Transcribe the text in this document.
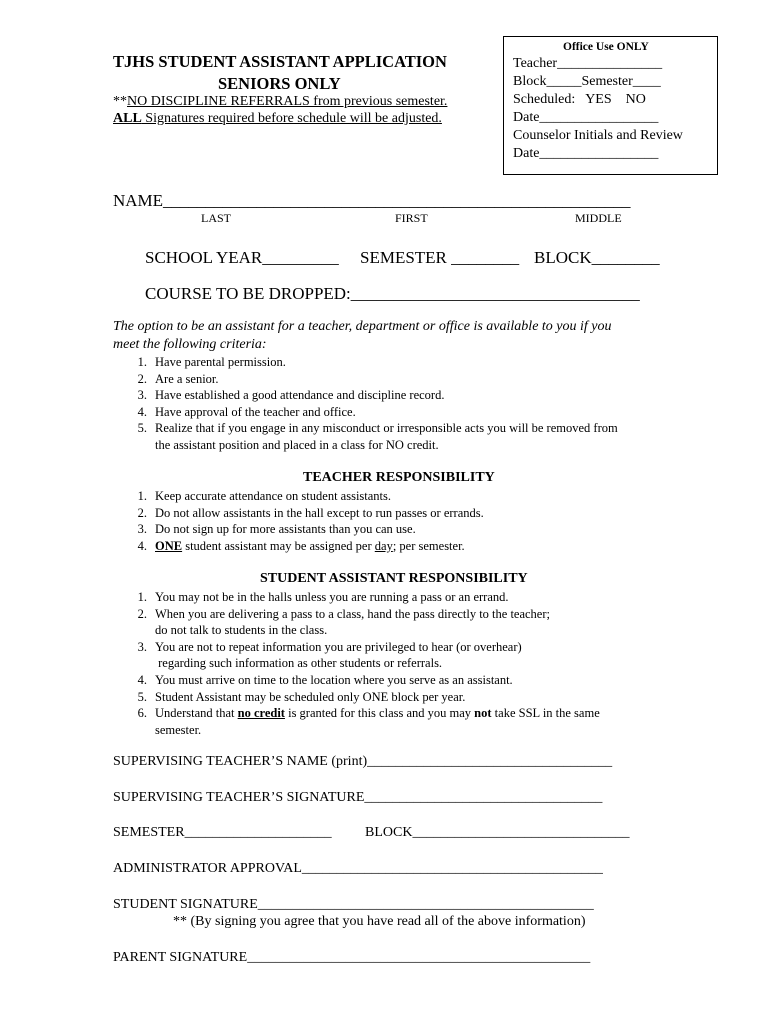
TJHS STUDENT ASSISTANT APPLICATION
SENIORS ONLY
**NO DISCIPLINE REFERRALS from previous semester.
ALL Signatures required before schedule will be adjusted.
Office Use ONLY
Teacher_______________
Block_____Semester____
Scheduled:   YES    NO
Date_________________
Counselor Initials and Review
Date_________________
NAME_______________________________________________________
LAST	FIRST	MIDDLE
SCHOOL YEAR_________ SEMESTER ________ BLOCK________
COURSE TO BE DROPPED:__________________________________
The option to be an assistant for a teacher, department or office is available to you if you
meet the following criteria:
1. Have parental permission.
2. Are a senior.
3. Have established a good attendance and discipline record.
4. Have approval of the teacher and office.
5. Realize that if you engage in any misconduct or irresponsible acts you will be removed from
the assistant position and placed in a class for NO credit.
TEACHER RESPONSIBILITY
1. Keep accurate attendance on student assistants.
2. Do not allow assistants in the hall except to run passes or errands.
3. Do not sign up for more assistants than you can use.
4. ONE student assistant may be assigned per day; per semester.
STUDENT ASSISTANT RESPONSIBILITY
1. You may not be in the halls unless you are running a pass or an errand.
2. When you are delivering a pass to a class, hand the pass directly to the teacher;
do not talk to students in the class.
3. You are not to repeat information you are privileged to hear (or overhear)
regarding such information as other students or referrals.
4. You must arrive on time to the location where you serve as an assistant.
5. Student Assistant may be scheduled only ONE block per year.
6. Understand that no credit is granted for this class and you may not take SSL in the same
semester.
SUPERVISING TEACHER’S NAME (print)___________________________________
SUPERVISING TEACHER’S SIGNATURE__________________________________
SEMESTER_____________________ BLOCK_______________________________
ADMINISTRATOR APPROVAL___________________________________________
STUDENT SIGNATURE________________________________________________
** (By signing you agree that you have read all of the above information)
PARENT SIGNATURE_________________________________________________
